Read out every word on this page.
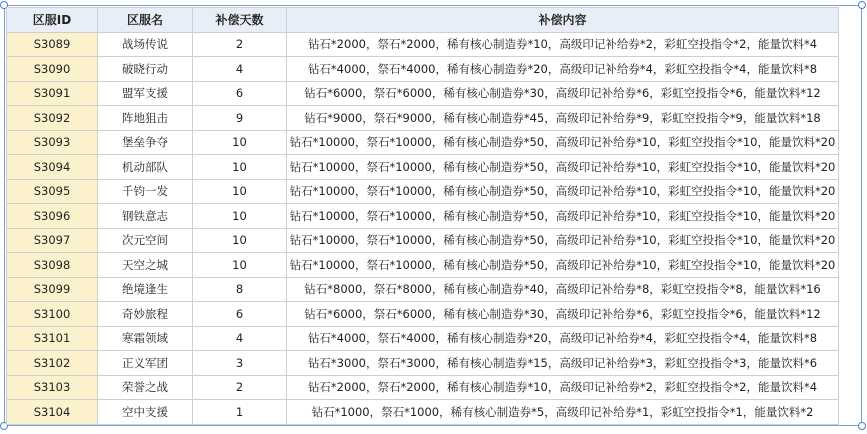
区服ID	区服名	补偿天数	补偿内容
S3089	战场传说	2	钻石*2000，祭石*2000，稀有核心制造券*10，高级印记补给券*2，彩虹空投指令*2，能量饮料*4
S3090	破晓行动	4	钻石*4000，祭石*4000，稀有核心制造券*20，高级印记补给券*4，彩虹空投指令*4，能量饮料*8
S3091	盟军支援	6	钻石*6000，祭石*6000，稀有核心制造券*30，高级印记补给券*6，彩虹空投指令*6，能量饮料*12
S3092	阵地狙击	9	钻石*9000，祭石*9000，稀有核心制造券*45，高级印记补给券*9，彩虹空投指令*9，能量饮料*18
S3093	堡垒争夺	10	钻石*10000，祭石*10000，稀有核心制造券*50，高级印记补给券*10，彩虹空投指令*10，能量饮料*20
S3094	机动部队	10	钻石*10000，祭石*10000，稀有核心制造券*50，高级印记补给券*10，彩虹空投指令*10，能量饮料*20
S3095	千钧一发	10	钻石*10000，祭石*10000，稀有核心制造券*50，高级印记补给券*10，彩虹空投指令*10，能量饮料*20
S3096	钢铁意志	10	钻石*10000，祭石*10000，稀有核心制造券*50，高级印记补给券*10，彩虹空投指令*10，能量饮料*20
S3097	次元空间	10	钻石*10000，祭石*10000，稀有核心制造券*50，高级印记补给券*10，彩虹空投指令*10，能量饮料*20
S3098	天空之城	10	钻石*10000，祭石*10000，稀有核心制造券*50，高级印记补给券*10，彩虹空投指令*10，能量饮料*20
S3099	绝境逢生	8	钻石*8000，祭石*8000，稀有核心制造券*40，高级印记补给券*8，彩虹空投指令*8，能量饮料*16
S3100	奇妙旅程	6	钻石*6000，祭石*6000，稀有核心制造券*30，高级印记补给券*6，彩虹空投指令*6，能量饮料*12
S3101	寒霜领域	4	钻石*4000，祭石*4000，稀有核心制造券*20，高级印记补给券*4，彩虹空投指令*4，能量饮料*8
S3102	正义军团	3	钻石*3000，祭石*3000，稀有核心制造券*15，高级印记补给券*3，彩虹空投指令*3，能量饮料*6
S3103	荣誉之战	2	钻石*2000，祭石*2000，稀有核心制造券*10，高级印记补给券*2，彩虹空投指令*2，能量饮料*4
S3104	空中支援	1	钻石*1000，祭石*1000，稀有核心制造券*5，高级印记补给券*1，彩虹空投指令*1，能量饮料*2
